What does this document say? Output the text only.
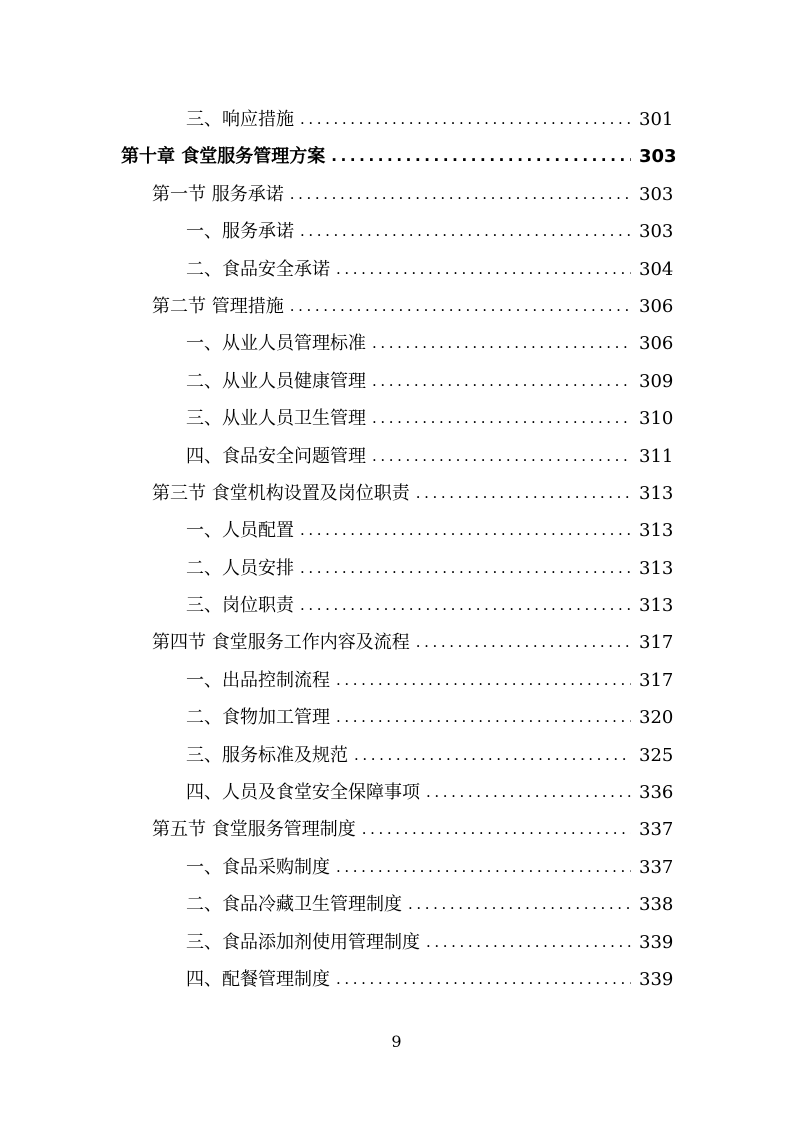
三、响应措施 .....	301
第十章 食堂服务管理方案 .....	303
第一节 服务承诺 .....	303
一、服务承诺 .....	303
二、食品安全承诺 .....	304
第二节 管理措施 .....	306
一、从业人员管理标准 .....	306
二、从业人员健康管理 .....	309
三、从业人员卫生管理 .....	310
四、食品安全问题管理 .....	311
第三节 食堂机构设置及岗位职责 .....	313
一、人员配置 .....	313
二、人员安排 .....	313
三、岗位职责 .....	313
第四节 食堂服务工作内容及流程 .....	317
一、出品控制流程 .....	317
二、食物加工管理 .....	320
三、服务标准及规范 .....	325
四、人员及食堂安全保障事项 .....	336
第五节 食堂服务管理制度 .....	337
一、食品采购制度 .....	337
二、食品冷藏卫生管理制度 .....	338
三、食品添加剂使用管理制度 .....	339
四、配餐管理制度 .....	339
9
